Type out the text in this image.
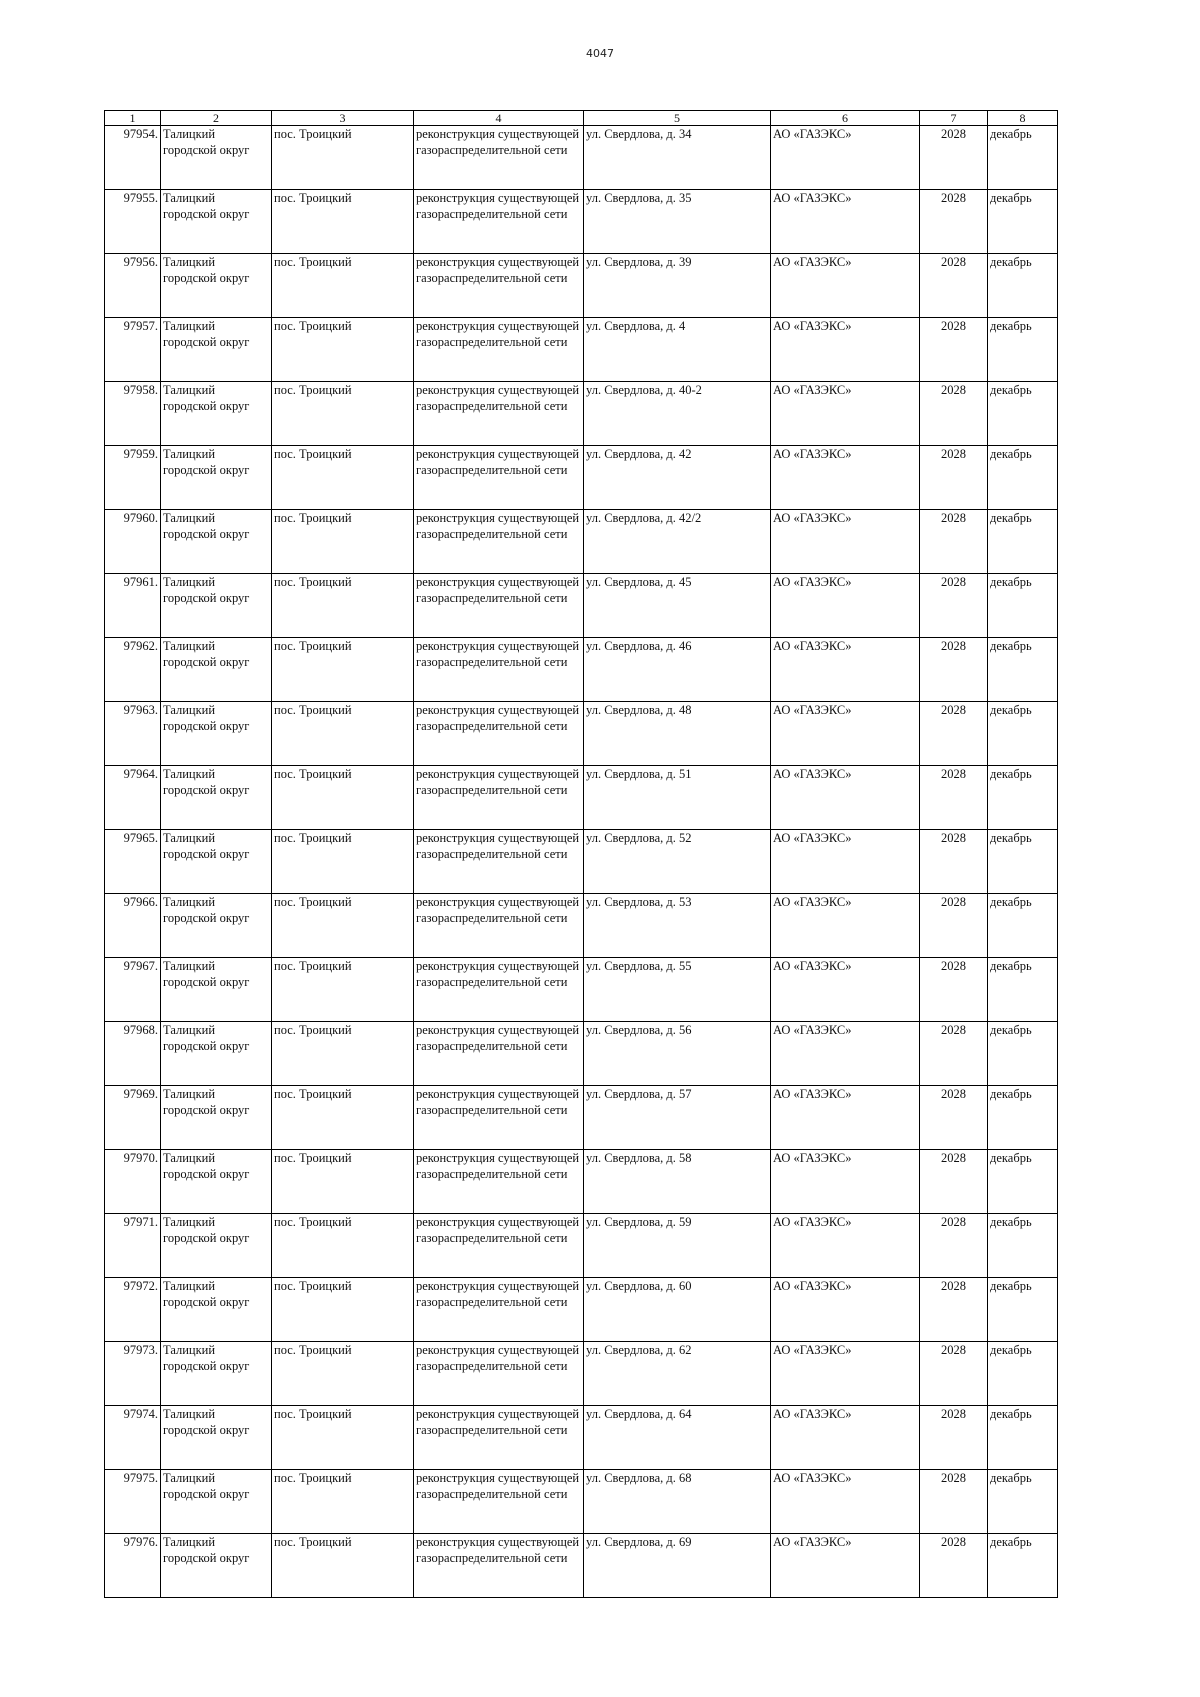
4047
1	2	3	4	5	6	7	8
97954.	Талицкий городской округ	пос. Троицкий	реконструкция существующей газораспределительной сети	ул. Свердлова, д. 34	АО «ГАЗЭКС»	2028	декабрь
97955.	Талицкий городской округ	пос. Троицкий	реконструкция существующей газораспределительной сети	ул. Свердлова, д. 35	АО «ГАЗЭКС»	2028	декабрь
97956.	Талицкий городской округ	пос. Троицкий	реконструкция существующей газораспределительной сети	ул. Свердлова, д. 39	АО «ГАЗЭКС»	2028	декабрь
97957.	Талицкий городской округ	пос. Троицкий	реконструкция существующей газораспределительной сети	ул. Свердлова, д. 4	АО «ГАЗЭКС»	2028	декабрь
97958.	Талицкий городской округ	пос. Троицкий	реконструкция существующей газораспределительной сети	ул. Свердлова, д. 40-2	АО «ГАЗЭКС»	2028	декабрь
97959.	Талицкий городской округ	пос. Троицкий	реконструкция существующей газораспределительной сети	ул. Свердлова, д. 42	АО «ГАЗЭКС»	2028	декабрь
97960.	Талицкий городской округ	пос. Троицкий	реконструкция существующей газораспределительной сети	ул. Свердлова, д. 42/2	АО «ГАЗЭКС»	2028	декабрь
97961.	Талицкий городской округ	пос. Троицкий	реконструкция существующей газораспределительной сети	ул. Свердлова, д. 45	АО «ГАЗЭКС»	2028	декабрь
97962.	Талицкий городской округ	пос. Троицкий	реконструкция существующей газораспределительной сети	ул. Свердлова, д. 46	АО «ГАЗЭКС»	2028	декабрь
97963.	Талицкий городской округ	пос. Троицкий	реконструкция существующей газораспределительной сети	ул. Свердлова, д. 48	АО «ГАЗЭКС»	2028	декабрь
97964.	Талицкий городской округ	пос. Троицкий	реконструкция существующей газораспределительной сети	ул. Свердлова, д. 51	АО «ГАЗЭКС»	2028	декабрь
97965.	Талицкий городской округ	пос. Троицкий	реконструкция существующей газораспределительной сети	ул. Свердлова, д. 52	АО «ГАЗЭКС»	2028	декабрь
97966.	Талицкий городской округ	пос. Троицкий	реконструкция существующей газораспределительной сети	ул. Свердлова, д. 53	АО «ГАЗЭКС»	2028	декабрь
97967.	Талицкий городской округ	пос. Троицкий	реконструкция существующей газораспределительной сети	ул. Свердлова, д. 55	АО «ГАЗЭКС»	2028	декабрь
97968.	Талицкий городской округ	пос. Троицкий	реконструкция существующей газораспределительной сети	ул. Свердлова, д. 56	АО «ГАЗЭКС»	2028	декабрь
97969.	Талицкий городской округ	пос. Троицкий	реконструкция существующей газораспределительной сети	ул. Свердлова, д. 57	АО «ГАЗЭКС»	2028	декабрь
97970.	Талицкий городской округ	пос. Троицкий	реконструкция существующей газораспределительной сети	ул. Свердлова, д. 58	АО «ГАЗЭКС»	2028	декабрь
97971.	Талицкий городской округ	пос. Троицкий	реконструкция существующей газораспределительной сети	ул. Свердлова, д. 59	АО «ГАЗЭКС»	2028	декабрь
97972.	Талицкий городской округ	пос. Троицкий	реконструкция существующей газораспределительной сети	ул. Свердлова, д. 60	АО «ГАЗЭКС»	2028	декабрь
97973.	Талицкий городской округ	пос. Троицкий	реконструкция существующей газораспределительной сети	ул. Свердлова, д. 62	АО «ГАЗЭКС»	2028	декабрь
97974.	Талицкий городской округ	пос. Троицкий	реконструкция существующей газораспределительной сети	ул. Свердлова, д. 64	АО «ГАЗЭКС»	2028	декабрь
97975.	Талицкий городской округ	пос. Троицкий	реконструкция существующей газораспределительной сети	ул. Свердлова, д. 68	АО «ГАЗЭКС»	2028	декабрь
97976.	Талицкий городской округ	пос. Троицкий	реконструкция существующей газораспределительной сети	ул. Свердлова, д. 69	АО «ГАЗЭКС»	2028	декабрь
